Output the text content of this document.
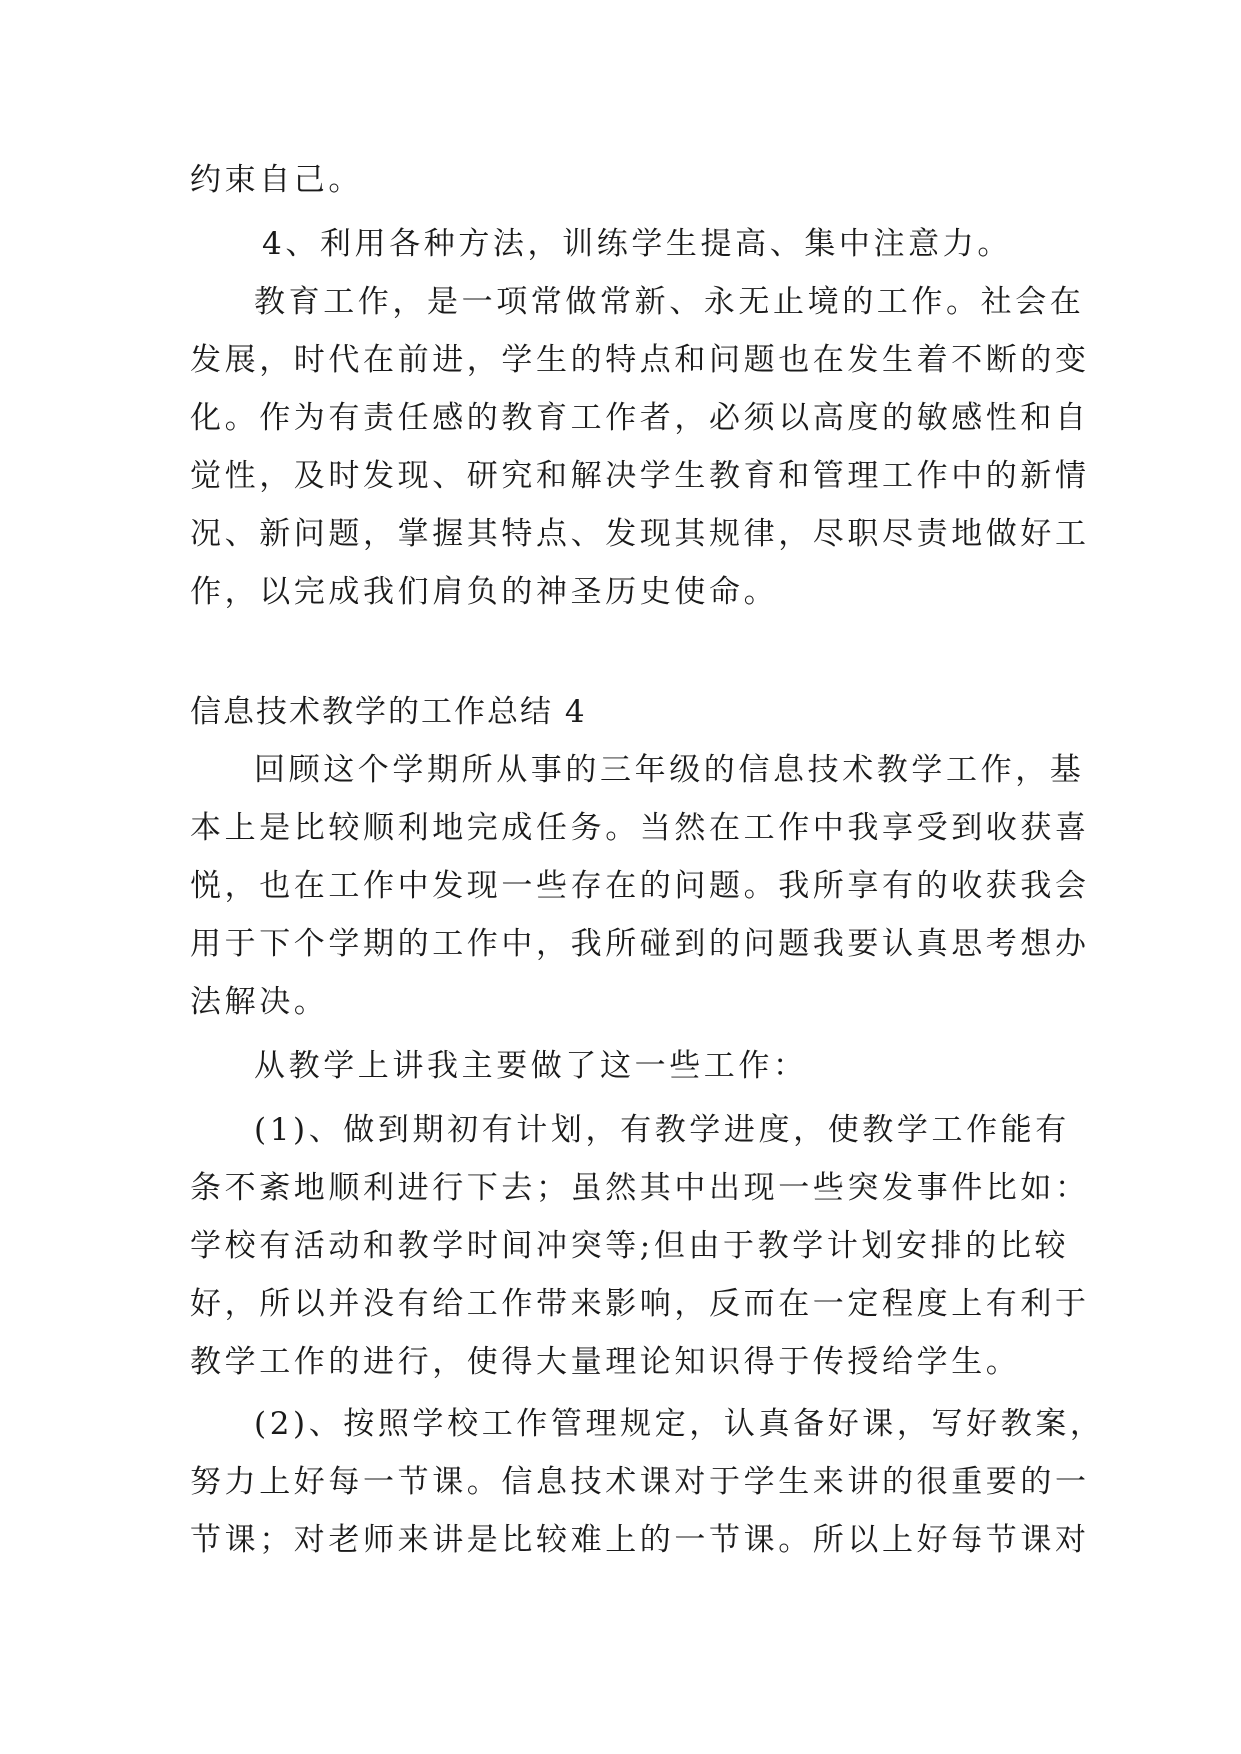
约束自己。

4、利用各种方法，训练学生提高、集中注意力。

教育工作，是一项常做常新、永无止境的工作。社会在

发展，时代在前进，学生的特点和问题也在发生着不断的变

化。作为有责任感的教育工作者，必须以高度的敏感性和自

觉性，及时发现、研究和解决学生教育和管理工作中的新情

况、新问题，掌握其特点、发现其规律，尽职尽责地做好工

作，以完成我们肩负的神圣历史使命。

信息技术教学的工作总结 4

回顾这个学期所从事的三年级的信息技术教学工作，基

本上是比较顺利地完成任务。当然在工作中我享受到收获喜

悦，也在工作中发现一些存在的问题。我所享有的收获我会

用于下个学期的工作中，我所碰到的问题我要认真思考想办

法解决。

从教学上讲我主要做了这一些工作：

(1)、做到期初有计划，有教学进度，使教学工作能有

条不紊地顺利进行下去；虽然其中出现一些突发事件比如：

学校有活动和教学时间冲突等;但由于教学计划安排的比较

好，所以并没有给工作带来影响，反而在一定程度上有利于

教学工作的进行，使得大量理论知识得于传授给学生。

(2)、按照学校工作管理规定，认真备好课，写好教案，

努力上好每一节课。信息技术课对于学生来讲的很重要的一

节课；对老师来讲是比较难上的一节课。所以上好每节课对
